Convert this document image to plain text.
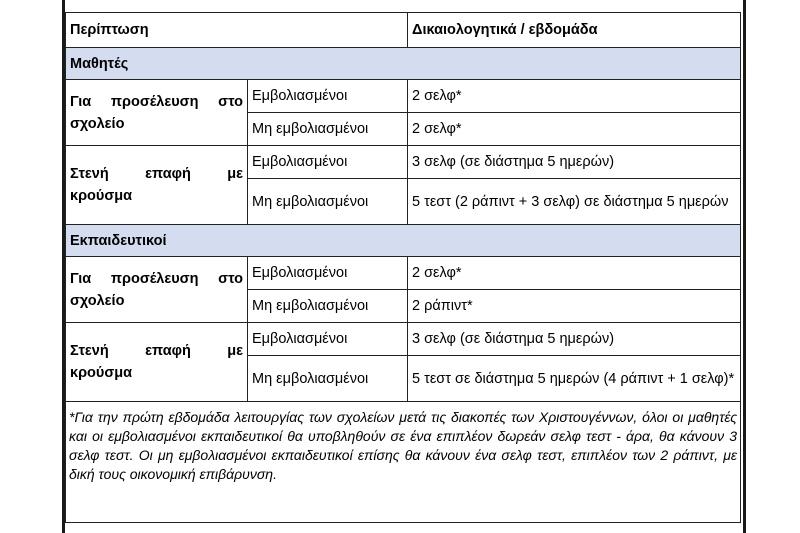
Περίπτωση		Δικαιολογητικά / εβδομάδα
Μαθητές		

Για προσέλευση στο
σχολείο	Εμβολιασμένοι	2 σελφ*
	Μη εμβολιασμένοι	2 σελφ*

Στενή επαφή με
κρούσμα	Εμβολιασμένοι	3 σελφ (σε διάστημα 5 ημερών)
	Μη εμβολιασμένοι	5 τεστ (2 ράπιντ + 3 σελφ) σε διάστημα 5 ημερών
Εκπαιδευτικοί		

Για προσέλευση στο
σχολείο	Εμβολιασμένοι	2 σελφ*
	Μη εμβολιασμένοι	2 ράπιντ*

Στενή επαφή με
κρούσμα	Εμβολιασμένοι	3 σελφ (σε διάστημα 5 ημερών)
	Μη εμβολιασμένοι	5 τεστ σε διάστημα 5 ημερών (4 ράπιντ + 1 σελφ)*
*Για την πρώτη εβδομάδα λειτουργίας των σχολείων μετά τις διακοπές των Χριστουγέννων, όλοι οι μαθητές και οι εμβολιασμένοι εκπαιδευτικοί θα υποβληθούν σε ένα επιπλέον δωρεάν σελφ τεστ - άρα, θα κάνουν 3 σελφ τεστ. Οι μη εμβολιασμένοι εκπαιδευτικοί επίσης θα κάνουν ένα σελφ τεστ, επιπλέον των 2 ράπιντ, με δική τους οικονομική επιβάρυνση.		
